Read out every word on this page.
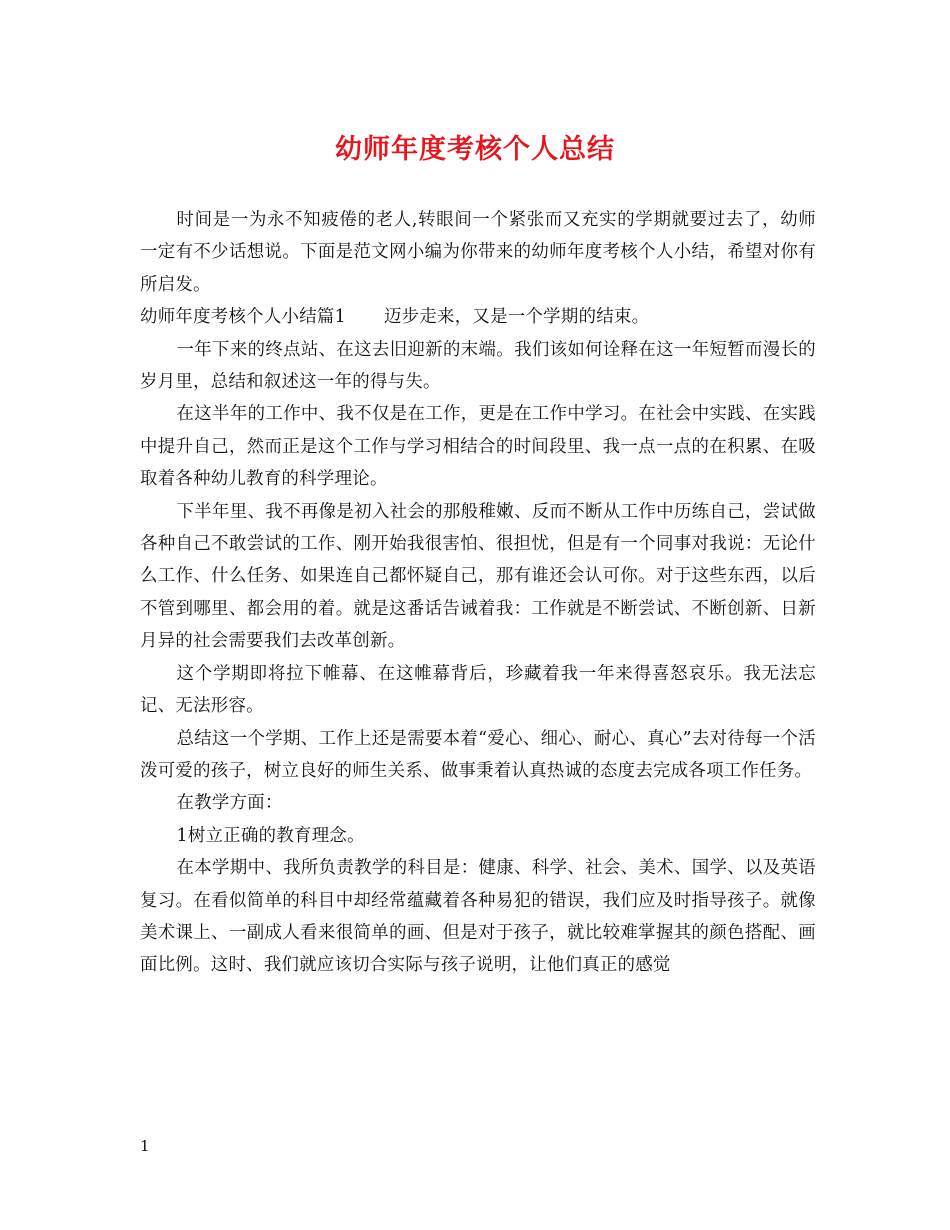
幼师年度考核个人总结

时间是一为永不知疲倦的老人,转眼间一个紧张而又充实的学期就要过去了，幼师一定有不少话想说。下面是范文网小编为你带来的幼师年度考核个人小结，希望对你有所启发。

幼师年度考核个人小结篇1 迈步走来，又是一个学期的结束。

一年下来的终点站、在这去旧迎新的末端。我们该如何诠释在这一年短暂而漫长的岁月里，总结和叙述这一年的得与失。

在这半年的工作中、我不仅是在工作，更是在工作中学习。在社会中实践、在实践中提升自己，然而正是这个工作与学习相结合的时间段里、我一点一点的在积累、在吸取着各种幼儿教育的科学理论。

下半年里、我不再像是初入社会的那般稚嫩、反而不断从工作中历练自己，尝试做各种自己不敢尝试的工作、刚开始我很害怕、很担忧，但是有一个同事对我说：无论什么工作、什么任务、如果连自己都怀疑自己，那有谁还会认可你。对于这些东西，以后不管到哪里、都会用的着。就是这番话告诫着我：工作就是不断尝试、不断创新、日新月异的社会需要我们去改革创新。

这个学期即将拉下帷幕、在这帷幕背后，珍藏着我一年来得喜怒哀乐。我无法忘记、无法形容。

总结这一个学期、工作上还是需要本着“爱心、细心、耐心、真心”去对待每一个活泼可爱的孩子，树立良好的师生关系、做事秉着认真热诚的态度去完成各项工作任务。

在教学方面：

1树立正确的教育理念。

在本学期中、我所负责教学的科目是：健康、科学、社会、美术、国学、以及英语复习。在看似简单的科目中却经常蕴藏着各种易犯的错误，我们应及时指导孩子。就像美术课上、一副成人看来很简单的画、但是对于孩子，就比较难掌握其的颜色搭配、画面比例。这时、我们就应该切合实际与孩子说明，让他们真正的感觉

1
